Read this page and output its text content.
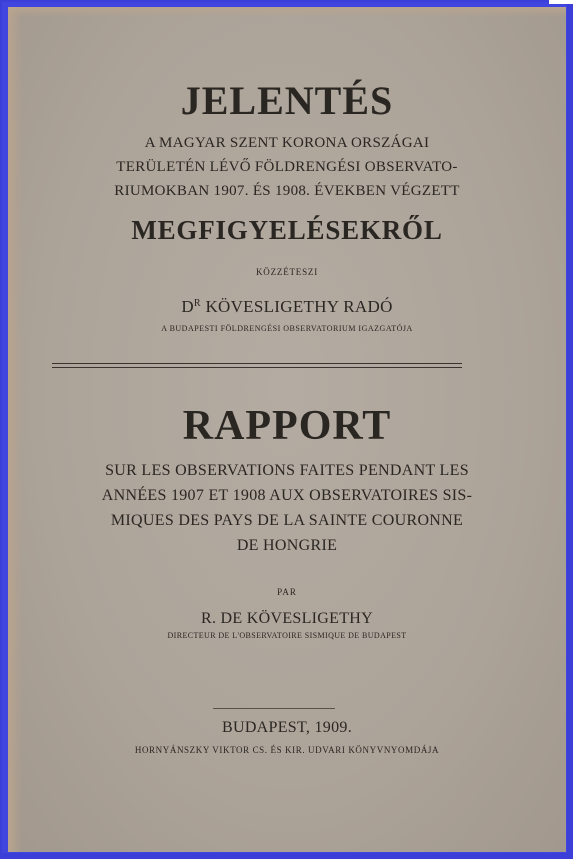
JELENTÉS
A MAGYAR SZENT KORONA ORSZÁGAI
TERÜLETÉN LÉVŐ FÖLDRENGÉSI OBSERVATO-
RIUMOKBAN 1907. ÉS 1908. ÉVEKBEN VÉGZETT
MEGFIGYELÉSEKRŐL
KÖZZÉTESZI
$D^R$ KÖVESLIGETHY RADÓ
A BUDAPESTI FÖLDRENGÉSI OBSERVATORIUM IGAZGATÓJA
RAPPORT
SUR LES OBSERVATIONS FAITES PENDANT LES
ANNÉES 1907 ET 1908 AUX OBSERVATOIRES SIS-
MIQUES DES PAYS DE LA SAINTE COURONNE
DE HONGRIE
PAR
R. DE KÖVESLIGETHY
DIRECTEUR DE L'OBSERVATOIRE SISMIQUE DE BUDAPEST
BUDAPEST, 1909.
HORNYÁNSZKY VIKTOR CS. ÉS KIR. UDVARI KÖNYVNYOMDÁJA
